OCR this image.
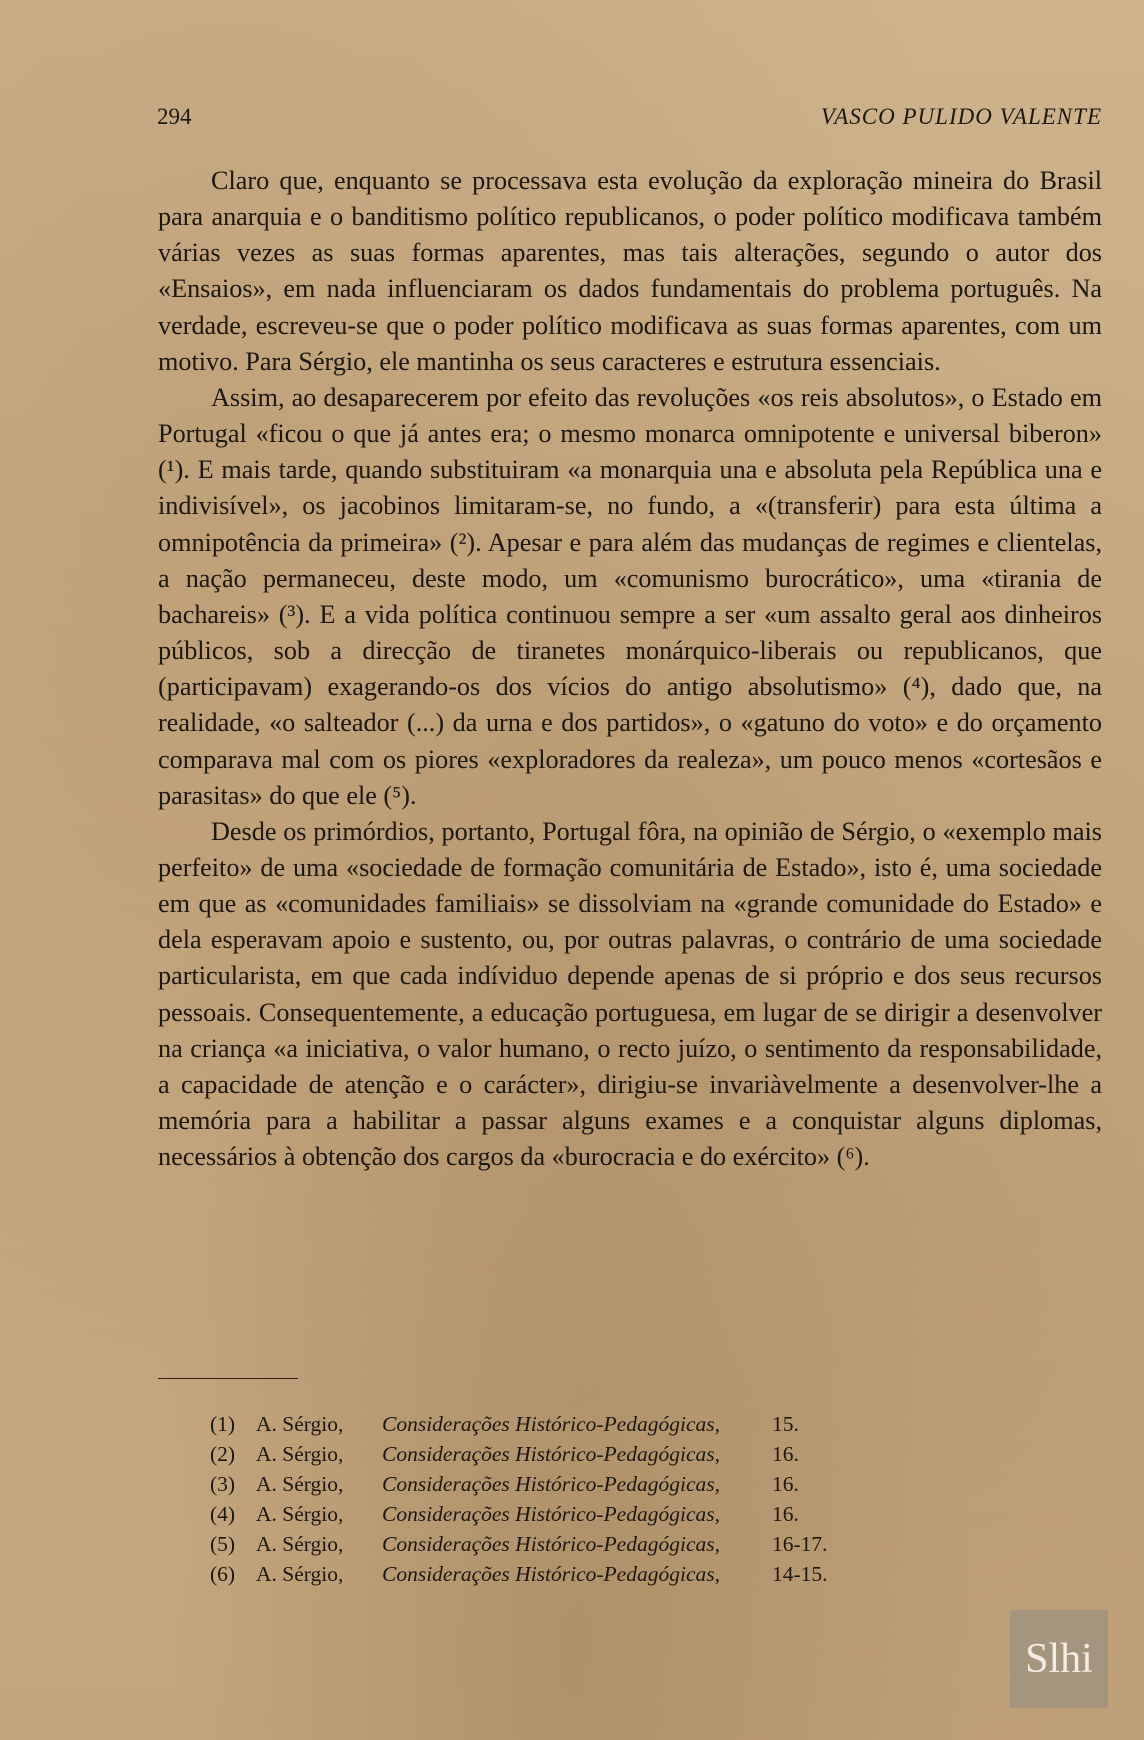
294	VASCO PULIDO VALENTE

Claro que, enquanto se processava esta evolução da exploração mineira do Brasil para anarquia e o banditismo político republicanos, o poder político modificava também várias vezes as suas formas aparentes, mas tais alterações, segundo o autor dos «Ensaios», em nada influenciaram os dados fundamentais do problema português. Na verdade, escreveu-se que o poder político modificava as suas formas aparentes, com um motivo. Para Sérgio, ele mantinha os seus caracteres e estrutura essenciais.

Assim, ao desaparecerem por efeito das revoluções «os reis absolutos», o Estado em Portugal «ficou o que já antes era; o mesmo monarca omnipotente e universal biberon» (¹). E mais tarde, quando substituiram «a monarquia una e absoluta pela República una e indivisível», os jacobinos limitaram-se, no fundo, a «(transferir) para esta última a omnipotência da primeira» (²). Apesar e para além das mudanças de regimes e clientelas, a nação permaneceu, deste modo, um «comunismo burocrático», uma «tirania de bachareis» (³). E a vida política continuou sempre a ser «um assalto geral aos dinheiros públicos, sob a direcção de tiranetes monárquico-liberais ou republicanos, que (participavam) exagerando-os dos vícios do antigo absolutismo» (⁴), dado que, na realidade, «o salteador (...) da urna e dos partidos», o «gatuno do voto» e do orçamento comparava mal com os piores «exploradores da realeza», um pouco menos «cortesãos e parasitas» do que ele (⁵).

Desde os primórdios, portanto, Portugal fôra, na opinião de Sérgio, o «exemplo mais perfeito» de uma «sociedade de formação comunitária de Estado», isto é, uma sociedade em que as «comunidades familiais» se dissolviam na «grande comunidade do Estado» e dela esperavam apoio e sustento, ou, por outras palavras, o contrário de uma sociedade particularista, em que cada indíviduo depende apenas de si próprio e dos seus recursos pessoais. Consequentemente, a educação portuguesa, em lugar de se dirigir a desenvolver na criança «a iniciativa, o valor humano, o recto juízo, o sentimento da responsabilidade, a capacidade de atenção e o carácter», dirigiu-se invariàvelmente a desenvolver-lhe a memória para a habilitar a passar alguns exames e a conquistar alguns diplomas, necessários à obtenção dos cargos da «burocracia e do exército» (⁶).

(1) A. Sérgio, Considerações Histórico-Pedagógicas, 15.
(2) A. Sérgio, Considerações Histórico-Pedagógicas, 16.
(3) A. Sérgio, Considerações Histórico-Pedagógicas, 16.
(4) A. Sérgio, Considerações Histórico-Pedagógicas, 16.
(5) A. Sérgio, Considerações Histórico-Pedagógicas, 16-17.
(6) A. Sérgio, Considerações Histórico-Pedagógicas, 14-15.
Slhi
